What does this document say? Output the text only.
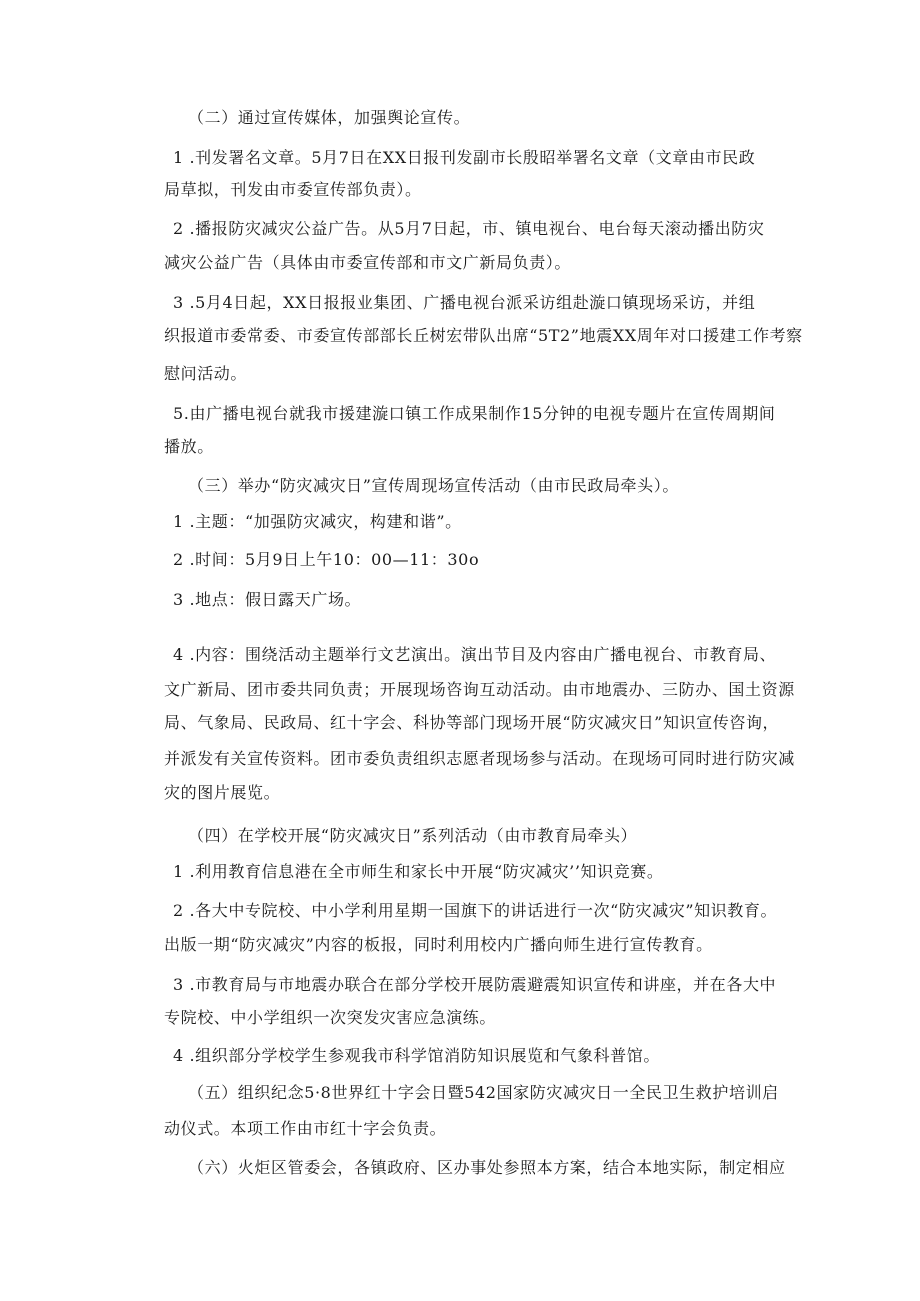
（二）通过宣传媒体，加强舆论宣传。
1 .刊发署名文章。5月7日在XX日报刊发副市长殷昭举署名文章（文章由市民政
局草拟，刊发由市委宣传部负责）。
2 .播报防灾减灾公益广告。从5月7日起，市、镇电视台、电台每天滚动播出防灾
减灾公益广告（具体由市委宣传部和市文广新局负责）。
3 .5月4日起，XX日报报业集团、广播电视台派采访组赴漩口镇现场采访，并组
织报道市委常委、市委宣传部部长丘树宏带队出席“5T2”地震XX周年对口援建工作考察
慰问活动。
5.由广播电视台就我市援建漩口镇工作成果制作15分钟的电视专题片在宣传周期间
播放。
（三）举办“防灾减灾日”宣传周现场宣传活动（由市民政局牵头）。
1 .主题：“加强防灾减灾，构建和谐”。
2 .时间：5月9日上午10：00—11：30o
3 .地点：假日露天广场。
4 .内容：围绕活动主题举行文艺演出。演出节目及内容由广播电视台、市教育局、
文广新局、团市委共同负责；开展现场咨询互动活动。由市地震办、三防办、国土资源
局、气象局、民政局、红十字会、科协等部门现场开展“防灾减灾日”知识宣传咨询，
并派发有关宣传资料。团市委负责组织志愿者现场参与活动。在现场可同时进行防灾减
灾的图片展览。
（四）在学校开展“防灾减灾日”系列活动（由市教育局牵头）
1 .利用教育信息港在全市师生和家长中开展“防灾减灾’’知识竞赛。
2 .各大中专院校、中小学利用星期一国旗下的讲话进行一次“防灾减灾”知识教育。
出版一期“防灾减灾”内容的板报，同时利用校内广播向师生进行宣传教育。
3 .市教育局与市地震办联合在部分学校开展防震避震知识宣传和讲座，并在各大中
专院校、中小学组织一次突发灾害应急演练。
4 .组织部分学校学生参观我市科学馆消防知识展览和气象科普馆。
（五）组织纪念5·8世界红十字会日暨542国家防灾减灾日一全民卫生救护培训启
动仪式。本项工作由市红十字会负责。
（六）火炬区管委会，各镇政府、区办事处参照本方案，结合本地实际，制定相应
